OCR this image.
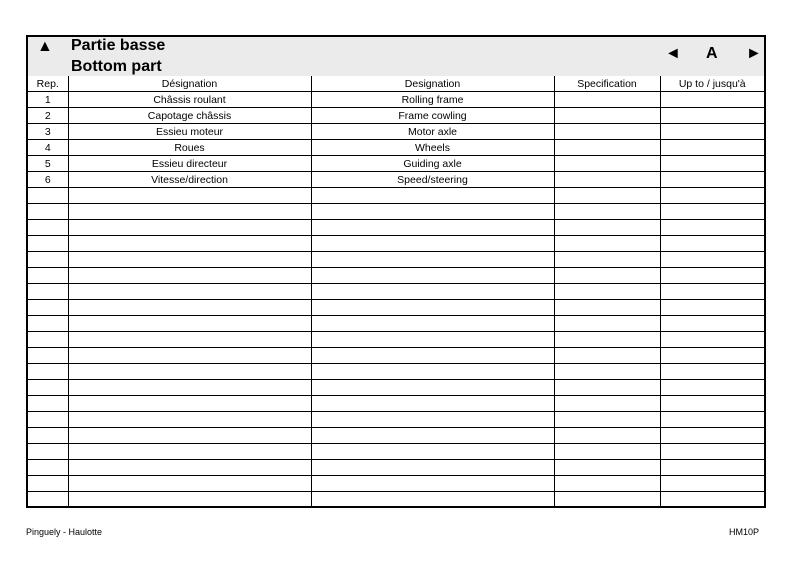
▲ Partie basse
Bottom part
◄ A ►
Rep.	Désignation	Designation	Specification	Up to / jusqu'à
1	Châssis roulant	Rolling frame		
2	Capotage châssis	Frame cowling		
3	Essieu moteur	Motor axle		
4	Roues	Wheels		
5	Essieu directeur	Guiding axle		
6	Vitesse/direction	Speed/steering		

Pinguely - Haulotte	HM10P
